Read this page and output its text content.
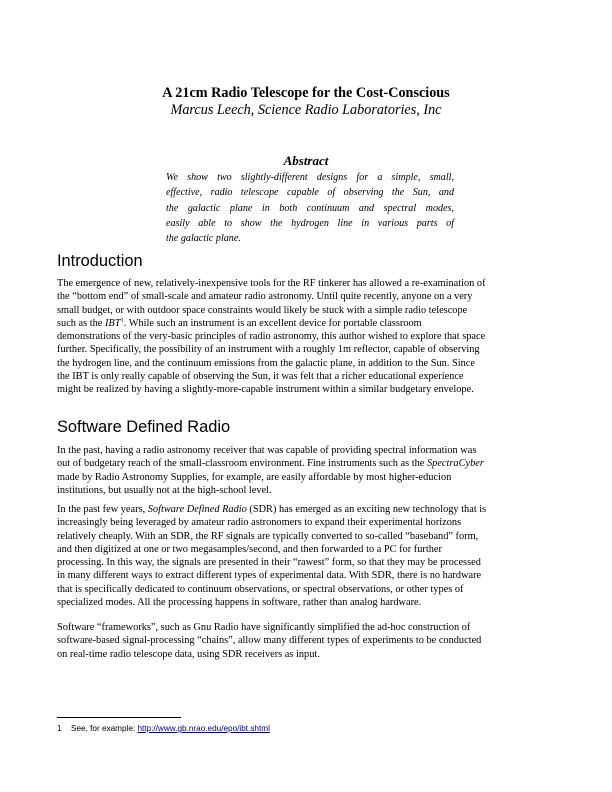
A 21cm Radio Telescope for the Cost-Conscious
Marcus Leech, Science Radio Laboratories, Inc
Abstract
We show two slightly-different designs for a simple, small,
effective, radio telescope capable of observing the Sun, and
the galactic plane in both continuum and spectral modes,
easily able to show the hydrogen line in various parts of
the galactic plane.
Introduction
The emergence of new, relatively-inexpensive tools for the RF tinkerer has allowed a re-examination of
the “bottom end” of small-scale and amateur radio astronomy. Until quite recently, anyone on a very
small budget, or with outdoor space constraints would likely be stuck with a simple radio telescope
such as the IBT$^1$. While such an instrument is an excellent device for portable classroom
demonstrations of the very-basic principles of radio astronomy, this author wished to explore that space
further. Specifically, the possibility of an instrument with a roughly 1m reflector, capable of observing
the hydrogen line, and the continuum emissions from the galactic plane, in addition to the Sun. Since
the IBT is only really capable of observing the Sun, it was felt that a richer educational experience
might be realized by having a slightly-more-capable instrument within a similar budgetary envelope.
Software Defined Radio
In the past, having a radio astronomy receiver that was capable of providing spectral information was
out of budgetary reach of the small-classroom environment. Fine instruments such as the SpectraCyber
made by Radio Astronomy Supplies, for example, are easily affordable by most higher-educion
institutions, but usually not at the high-school level.
In the past few years, Software Defined Radio (SDR) has emerged as an exciting new technology that is
increasingly being leveraged by amateur radio astronomers to expand their experimental horizons
relatively cheaply. With an SDR, the RF signals are typically converted to so-called “baseband” form,
and then digitized at one or two megasamples/second, and then forwarded to a PC for further
processing. In this way, the signals are presented in their “rawest” form, so that they may be processed
in many different ways to extract different types of experimental data. With SDR, there is no hardware
that is specifically dedicated to continuum observations, or spectral observations, or other types of
specialized modes. All the processing happens in software, rather than analog hardware.
Software “frameworks”, such as Gnu Radio have significantly simplified the ad-hoc construction of
software-based signal-processing “chains”, allow many different types of experiments to be conducted
on real-time radio telescope data, using SDR receivers as input.
1 See, for example: http://www.gb.nrao.edu/epo/ibt.shtml
